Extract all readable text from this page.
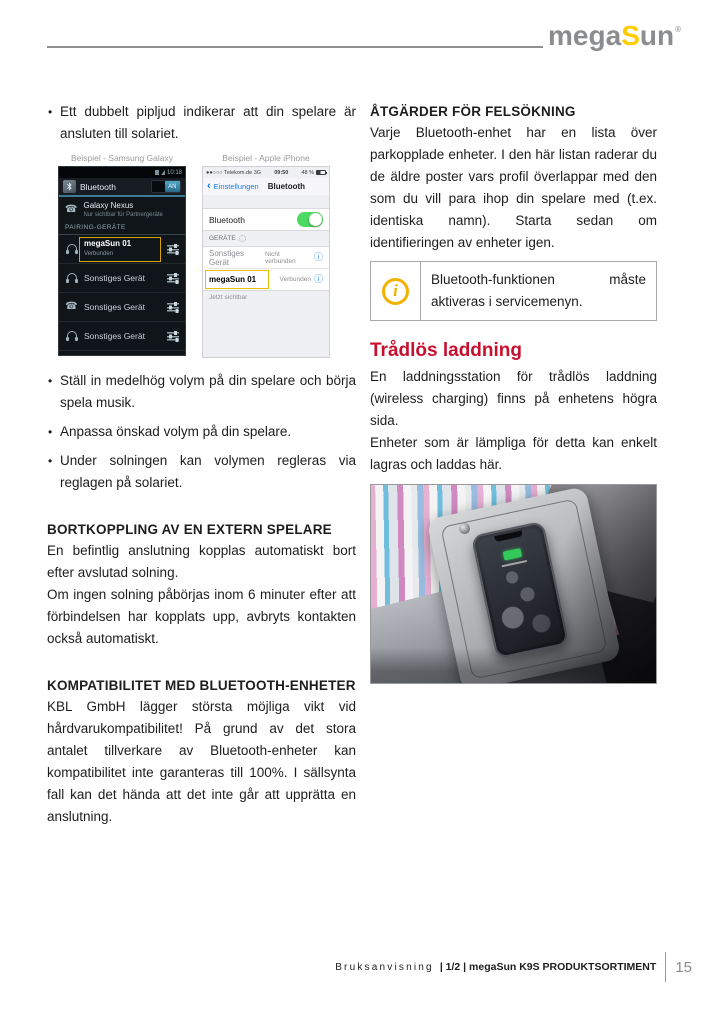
megaSun®
• Ett dubbelt pipljud indikerar att din spelare är ansluten till solariet.
Beispiel - Samsung Galaxy	Beispiel - Apple iPhone
10:18
Bluetooth	AN
☎ Galaxy Nexus
Nur sichtbar für Partnergeräte
PAIRING-GERÄTE
megaSun 01
Verbunden
Sonstiges Gerät
☎ Sonstiges Gerät
Sonstiges Gerät
●●○○○ Telekom.de 3G 09:50 48 %
‹ Einstellungen Bluetooth
Bluetooth
GERÄTE
Sonstiges Gerät
Nicht verbunden	ⓘ
megaSun 01	Verbunden ⓘ
Jetzt sichtbar
• Ställ in medelhög volym på din spelare och börja spela musik.
• Anpassa önskad volym på din spelare.
• Under solningen kan volymen regleras via reglagen på solariet.
BORTKOPPLING AV EN EXTERN SPELARE
En befintlig anslutning kopplas automatiskt bort efter avslutad solning.
Om ingen solning påbörjas inom 6 minuter efter att förbindelsen har kopplats upp, avbryts kontakten också automatiskt.
KOMPATIBILITET MED BLUETOOTH-ENHETER
KBL GmbH lägger största möjliga vikt vid hårdvarukompatibilitet! På grund av det stora antalet tillverkare av Bluetooth-enheter kan kompatibilitet inte garanteras till 100%. I sällsynta fall kan det hända att det inte går att upprätta en anslutning.
ÅTGÄRDER FÖR FELSÖKNING
Varje Bluetooth-enhet har en lista över parkopplade enheter. I den här listan raderar du de äldre poster vars profil överlappar med den som du vill para ihop din spelare med (t.ex. identiska namn). Starta sedan om identifieringen av enheter igen.
i
Bluetooth-funktionen måste aktiveras i servicemenyn.
Trådlös laddning
En laddningsstation för trådlös laddning (wireless charging) finns på enhetens högra sida.
Enheter som är lämpliga för detta kan enkelt lagras och laddas här.
Bruksanvisning | 1/2 | megaSun K9S PRODUKTSORTIMENT 15
